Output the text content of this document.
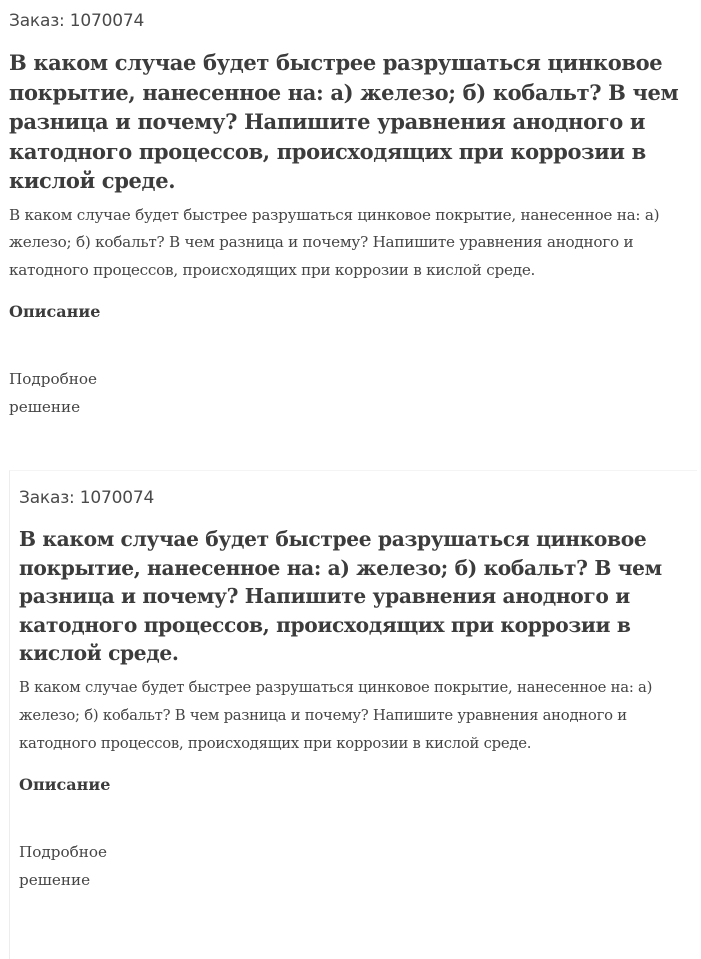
Заказ: 1070074
В каком случае будет быстрее разрушаться цинковое покрытие, нанесенное на: а) железо; б) кобальт? В чем разница и почему? Напишите уравнения анодного и катодного процессов, происходящих при коррозии в кислой среде.

В каком случае будет быстрее разрушаться цинковое покрытие, нанесенное на: а) железо; б) кобальт? В чем разница и почему? Напишите уравнения анодного и катодного процессов, происходящих при коррозии в кислой среде.

Описание

Подробное решение

Заказ: 1070074
В каком случае будет быстрее разрушаться цинковое покрытие, нанесенное на: а) железо; б) кобальт? В чем разница и почему? Напишите уравнения анодного и катодного процессов, происходящих при коррозии в кислой среде.

В каком случае будет быстрее разрушаться цинковое покрытие, нанесенное на: а) железо; б) кобальт? В чем разница и почему? Напишите уравнения анодного и катодного процессов, происходящих при коррозии в кислой среде.

Описание

Подробное решение
